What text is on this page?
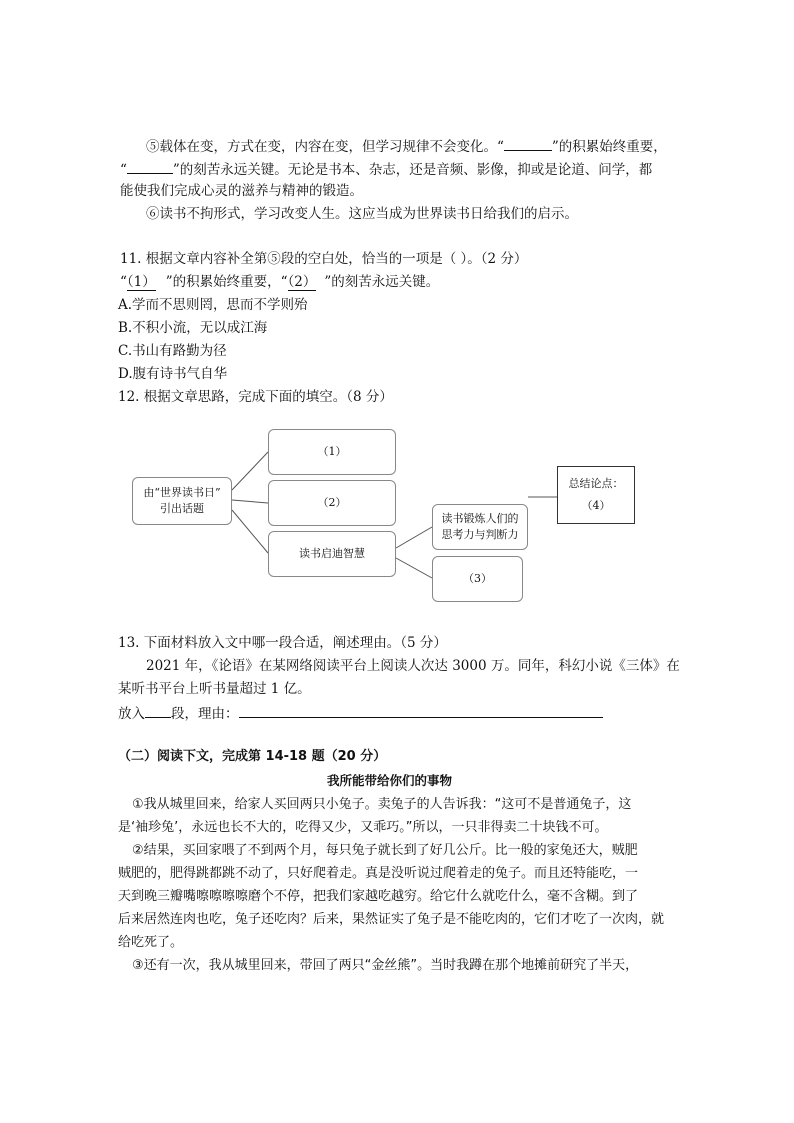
⑤载体在变，方式在变，内容在变，但学习规律不会变化。“	”的积累始终重要，
“	”的刻苦永远关键。无论是书本、杂志，还是音频、影像，抑或是论道、问学，都
能使我们完成心灵的滋养与精神的锻造。
⑥读书不拘形式，学习改变人生。这应当成为世界读书日给我们的启示。
11. 根据文章内容补全第⑤段的空白处，恰当的一项是（ ）。（2 分）
“（1） ”的积累始终重要，“（2） ”的刻苦永远关键。
A.学而不思则罔，思而不学则殆
B.不积小流，无以成江海
C.书山有路勤为径
D.腹有诗书气自华
12. 根据文章思路，完成下面的填空。（8 分）
由“世界读书日”
引出话题
（1）
（2）
读书启迪智慧
读书锻炼人们的
思考力与判断力
（3）
总结论点：
（4）
13. 下面材料放入文中哪一段合适，阐述理由。（5 分）
2021 年，《论语》在某网络阅读平台上阅读人次达 3000 万。同年，科幻小说《三体》在
某听书平台上听书量超过 1 亿。
放入 段，理由：
（二）阅读下文，完成第 14-18 题（20 分）
我所能带给你们的事物
①我从城里回来，给家人买回两只小兔子。卖兔子的人告诉我：“这可不是普通兔子，这
是‘袖珍兔’，永远也长不大的，吃得又少，又乖巧。”所以，一只非得卖二十块钱不可。
②结果，买回家喂了不到两个月，每只兔子就长到了好几公斤。比一般的家兔还大，贼肥
贼肥的，肥得跳都跳不动了，只好爬着走。真是没听说过爬着走的兔子。而且还特能吃，一
天到晚三瓣嘴嚓嚓嚓嚓磨个不停，把我们家越吃越穷。给它什么就吃什么，毫不含糊。到了
后来居然连肉也吃，兔子还吃肉？后来，果然证实了兔子是不能吃肉的，它们才吃了一次肉，就
给吃死了。
③还有一次，我从城里回来，带回了两只“金丝熊”。当时我蹲在那个地摊前研究了半天，
